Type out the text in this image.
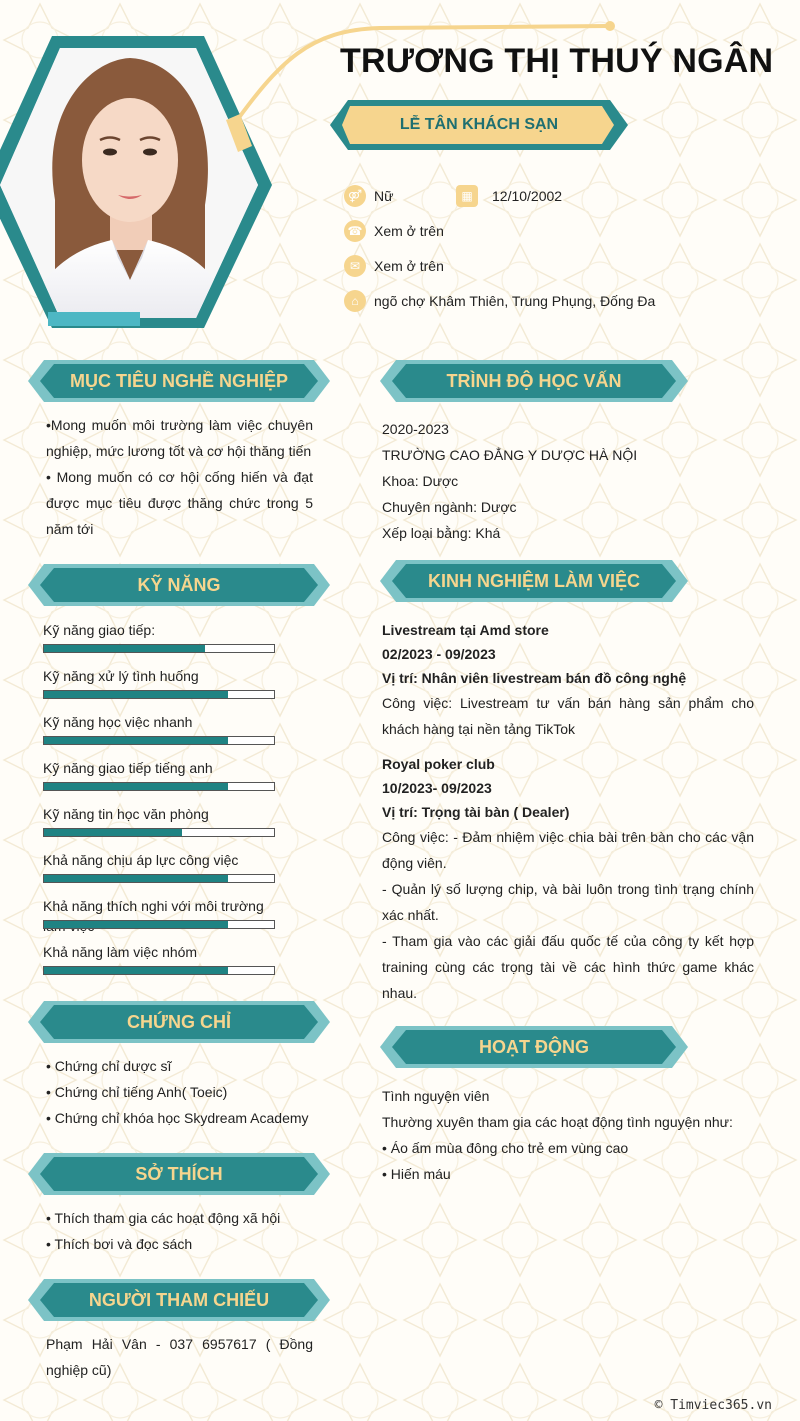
TRƯƠNG THỊ THUÝ NGÂN
LỄ TÂN KHÁCH SẠN
⚤ Nữ	▦	12/10/2002
☎ Xem ở trên
✉ Xem ở trên
⌂	ngõ chợ Khâm Thiên, Trung Phụng, Đống Đa
MỤC TIÊU NGHỀ NGHIỆP
•Mong muốn môi trường làm việc chuyên nghiệp, mức lương tốt và cơ hội thăng tiến
• Mong muốn có cơ hội cống hiến và đạt được mục tiêu được thăng chức trong 5 năm tới
TRÌNH ĐỘ HỌC VẤN
2020-2023
TRƯỜNG CAO ĐẲNG Y DƯỢC HÀ NỘI
Khoa: Dược
Chuyên ngành: Dược
Xếp loại bằng: Khá
KỸ NĂNG
Kỹ năng giao tiếp:
Kỹ năng xử lý tình huống
Kỹ năng học việc nhanh
Kỹ năng giao tiếp tiếng anh
Kỹ năng tin học văn phòng
Khả năng chịu áp lực công việc
Khả năng thích nghi với môi trường
Khả năng làm việc nhóm
KINH NGHIỆM LÀM VIỆC
Livestream tại Amd store
02/2023 - 09/2023
Vị trí: Nhân viên livestream bán đồ công nghệ
Công việc: Livestream tư vấn bán hàng sản phẩm cho khách hàng tại nền tảng TikTok
Royal poker club
10/2023- 09/2023
Vị trí: Trọng tài bàn ( Dealer)
Công việc: - Đảm nhiệm việc chia bài trên bàn cho các vận động viên.
- Quản lý số lượng chip, và bài luôn trong tình trạng chính xác nhất.
- Tham gia vào các giải đấu quốc tế của công ty kết hợp training cùng các trọng tài về các hình thức game khác nhau.
CHỨNG CHỈ
• Chứng chỉ dược sĩ
• Chứng chỉ tiếng Anh( Toeic)
• Chứng chỉ khóa học Skydream Academy
HOẠT ĐỘNG
Tình nguyện viên
Thường xuyên tham gia các hoạt động tình nguyện như:
• Áo ấm mùa đông cho trẻ em vùng cao
• Hiến máu
SỞ THÍCH
• Thích tham gia các hoạt động xã hội
• Thích bơi và đọc sách
NGƯỜI THAM CHIẾU
Phạm Hải Vân - 037 6957617 ( Đồng nghiệp cũ)
© Timviec365.vn
